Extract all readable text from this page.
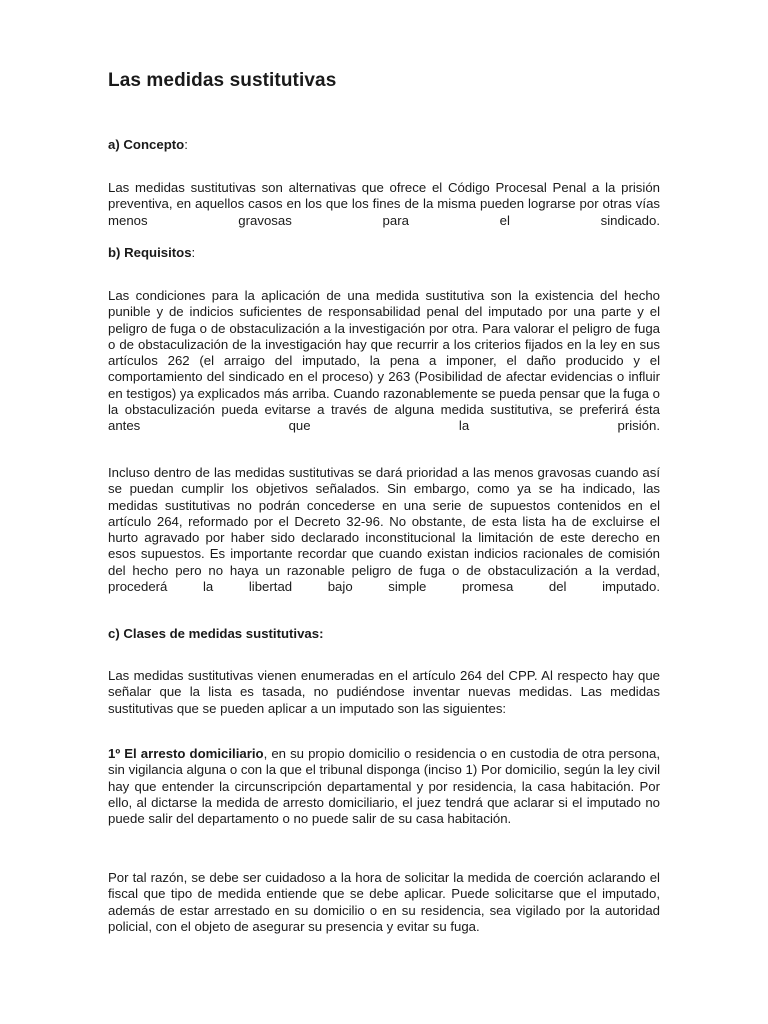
Las medidas sustitutivas

a) Concepto:

Las medidas sustitutivas son alternativas que ofrece el Código Procesal Penal a la prisión preventiva, en aquellos casos en los que los fines de la misma pueden lograrse por otras vías menos gravosas para el sindicado.

b) Requisitos:

Las condiciones para la aplicación de una medida sustitutiva son la existencia del hecho punible y de indicios suficientes de responsabilidad penal del imputado por una parte y el peligro de fuga o de obstaculización a la investigación por otra. Para valorar el peligro de fuga o de obstaculización de la investigación hay que recurrir a los criterios fijados en la ley en sus artículos 262 (el arraigo del imputado, la pena a imponer, el daño producido y el comportamiento del sindicado en el proceso) y 263 (Posibilidad de afectar evidencias o influir en testigos) ya explicados más arriba. Cuando razonablemente se pueda pensar que la fuga o la obstaculización pueda evitarse a través de alguna medida sustitutiva, se preferirá ésta antes que la prisión.

Incluso dentro de las medidas sustitutivas se dará prioridad a las menos gravosas cuando así se puedan cumplir los objetivos señalados. Sin embargo, como ya se ha indicado, las medidas sustitutivas no podrán concederse en una serie de supuestos contenidos en el artículo 264, reformado por el Decreto 32-96. No obstante, de esta lista ha de excluirse el hurto agravado por haber sido declarado inconstitucional la limitación de este derecho en esos supuestos. Es importante recordar que cuando existan indicios racionales de comisión del hecho pero no haya un razonable peligro de fuga o de obstaculización a la verdad, procederá la libertad bajo simple promesa del imputado.

c) Clases de medidas sustitutivas:

Las medidas sustitutivas vienen enumeradas en el artículo 264 del CPP. Al respecto hay que señalar que la lista es tasada, no pudiéndose inventar nuevas medidas. Las medidas sustitutivas que se pueden aplicar a un imputado son las siguientes:

1º El arresto domiciliario, en su propio domicilio o residencia o en custodia de otra persona, sin vigilancia alguna o con la que el tribunal disponga (inciso 1) Por domicilio, según la ley civil hay que entender la circunscripción departamental y por residencia, la casa habitación. Por ello, al dictarse la medida de arresto domiciliario, el juez tendrá que aclarar si el imputado no puede salir del departamento o no puede salir de su casa habitación.

Por tal razón, se debe ser cuidadoso a la hora de solicitar la medida de coerción aclarando el fiscal que tipo de medida entiende que se debe aplicar. Puede solicitarse que el imputado, además de estar arrestado en su domicilio o en su residencia, sea vigilado por la autoridad policial, con el objeto de asegurar su presencia y evitar su fuga.
